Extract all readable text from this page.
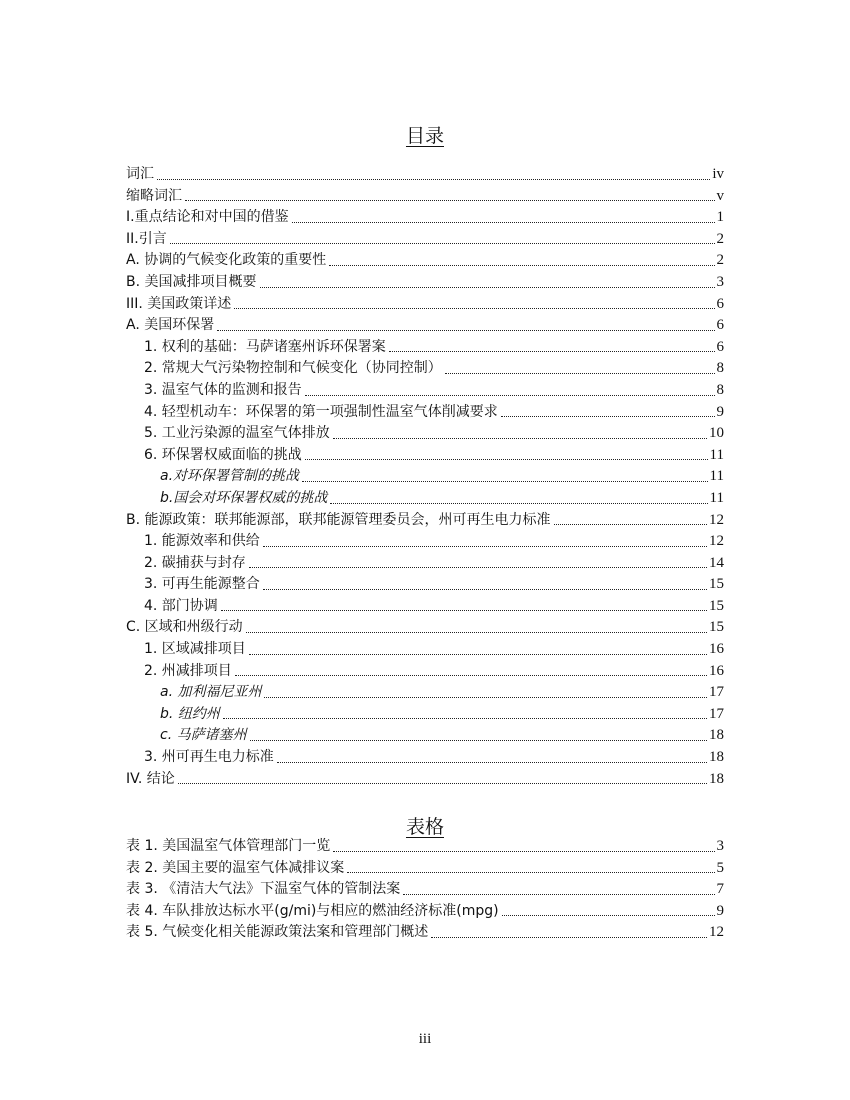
目录
词汇	iv
缩略词汇	v
I.重点结论和对中国的借鉴	1
II.引言	2
A. 协调的气候变化政策的重要性	2
B. 美国减排项目概要	3
III. 美国政策详述	6
A. 美国环保署	6
1. 权利的基础：马萨诸塞州诉环保署案	6
2. 常规大气污染物控制和气候变化（协同控制）	8
3. 温室气体的监测和报告	8
4. 轻型机动车：环保署的第一项强制性温室气体削减要求	9
5. 工业污染源的温室气体排放	10
6. 环保署权威面临的挑战	11
a.对环保署管制的挑战	11
b.国会对环保署权威的挑战	11
B. 能源政策：联邦能源部，联邦能源管理委员会，州可再生电力标准	12
1. 能源效率和供给	12
2. 碳捕获与封存	14
3. 可再生能源整合	15
4. 部门协调	15
C. 区域和州级行动	15
1. 区域减排项目	16
2. 州减排项目	16
a. 加利福尼亚州	17
b. 纽约州	17
c. 马萨诸塞州	18
3. 州可再生电力标准	18
IV. 结论	18
表格
表 1. 美国温室气体管理部门一览	3
表 2. 美国主要的温室气体减排议案	5
表 3. 《清洁大气法》下温室气体的管制法案	7
表 4. 车队排放达标水平(g/mi)与相应的燃油经济标准(mpg)	9
表 5. 气候变化相关能源政策法案和管理部门概述	12
iii
